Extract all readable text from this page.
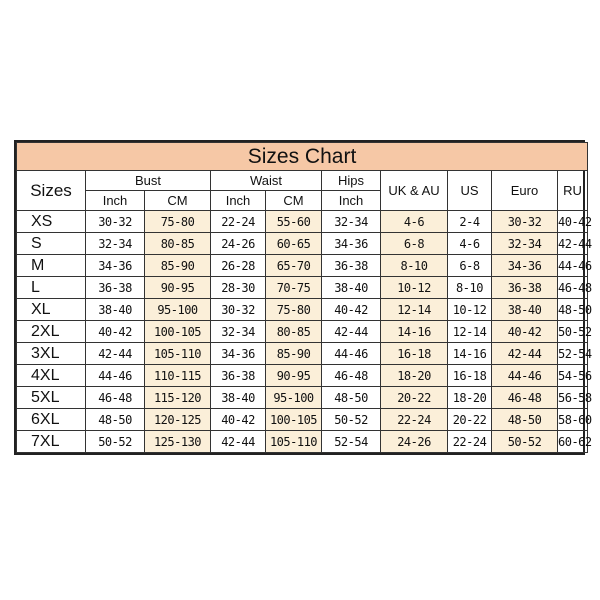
Sizes Chart									
Sizes	Bust		Waist		Hips	UK & AU	US	Euro	RU
	Inch	CM	Inch	CM	Inch				
XS	30-32	75-80	22-24	55-60	32-34	4-6	2-4	30-32	40-42
S	32-34	80-85	24-26	60-65	34-36	6-8	4-6	32-34	42-44
M	34-36	85-90	26-28	65-70	36-38	8-10	6-8	34-36	44-46
L	36-38	90-95	28-30	70-75	38-40	10-12	8-10	36-38	46-48
XL	38-40	95-100	30-32	75-80	40-42	12-14	10-12	38-40	48-50
2XL	40-42	100-105	32-34	80-85	42-44	14-16	12-14	40-42	50-52
3XL	42-44	105-110	34-36	85-90	44-46	16-18	14-16	42-44	52-54
4XL	44-46	110-115	36-38	90-95	46-48	18-20	16-18	44-46	54-56
5XL	46-48	115-120	38-40	95-100	48-50	20-22	18-20	46-48	56-58
6XL	48-50	120-125	40-42	100-105	50-52	22-24	20-22	48-50	58-60
7XL	50-52	125-130	42-44	105-110	52-54	24-26	22-24	50-52	60-62
